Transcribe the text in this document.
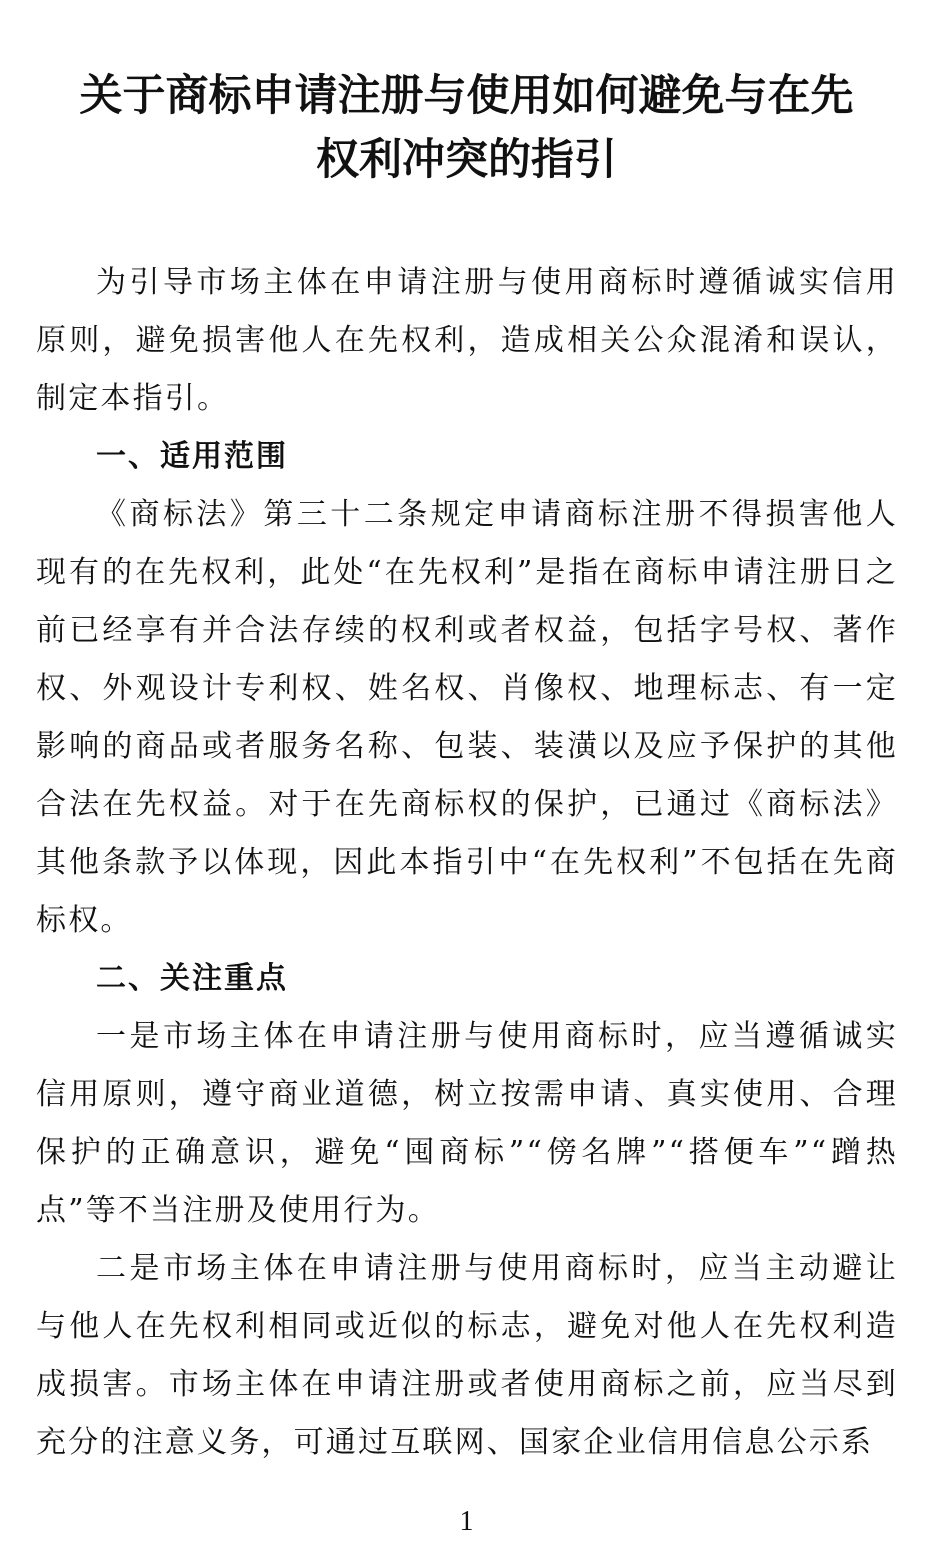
关于商标申请注册与使用如何避免与在先
权利冲突的指引

为引导市场主体在申请注册与使用商标时遵循诚实信用原则，避免损害他人在先权利，造成相关公众混淆和误认，制定本指引。

一、适用范围

《商标法》第三十二条规定申请商标注册不得损害他人现有的在先权利，此处“在先权利”是指在商标申请注册日之前已经享有并合法存续的权利或者权益，包括字号权、著作权、外观设计专利权、姓名权、肖像权、地理标志、有一定影响的商品或者服务名称、包装、装潢以及应予保护的其他合法在先权益。对于在先商标权的保护，已通过《商标法》其他条款予以体现，因此本指引中“在先权利”不包括在先商标权。

二、关注重点

一是市场主体在申请注册与使用商标时，应当遵循诚实信用原则，遵守商业道德，树立按需申请、真实使用、合理保护的正确意识，避免“囤商标”“傍名牌”“搭便车”“蹭热点”等不当注册及使用行为。

二是市场主体在申请注册与使用商标时，应当主动避让与他人在先权利相同或近似的标志，避免对他人在先权利造成损害。市场主体在申请注册或者使用商标之前，应当尽到充分的注意义务，可通过互联网、国家企业信用信息公示系

1
